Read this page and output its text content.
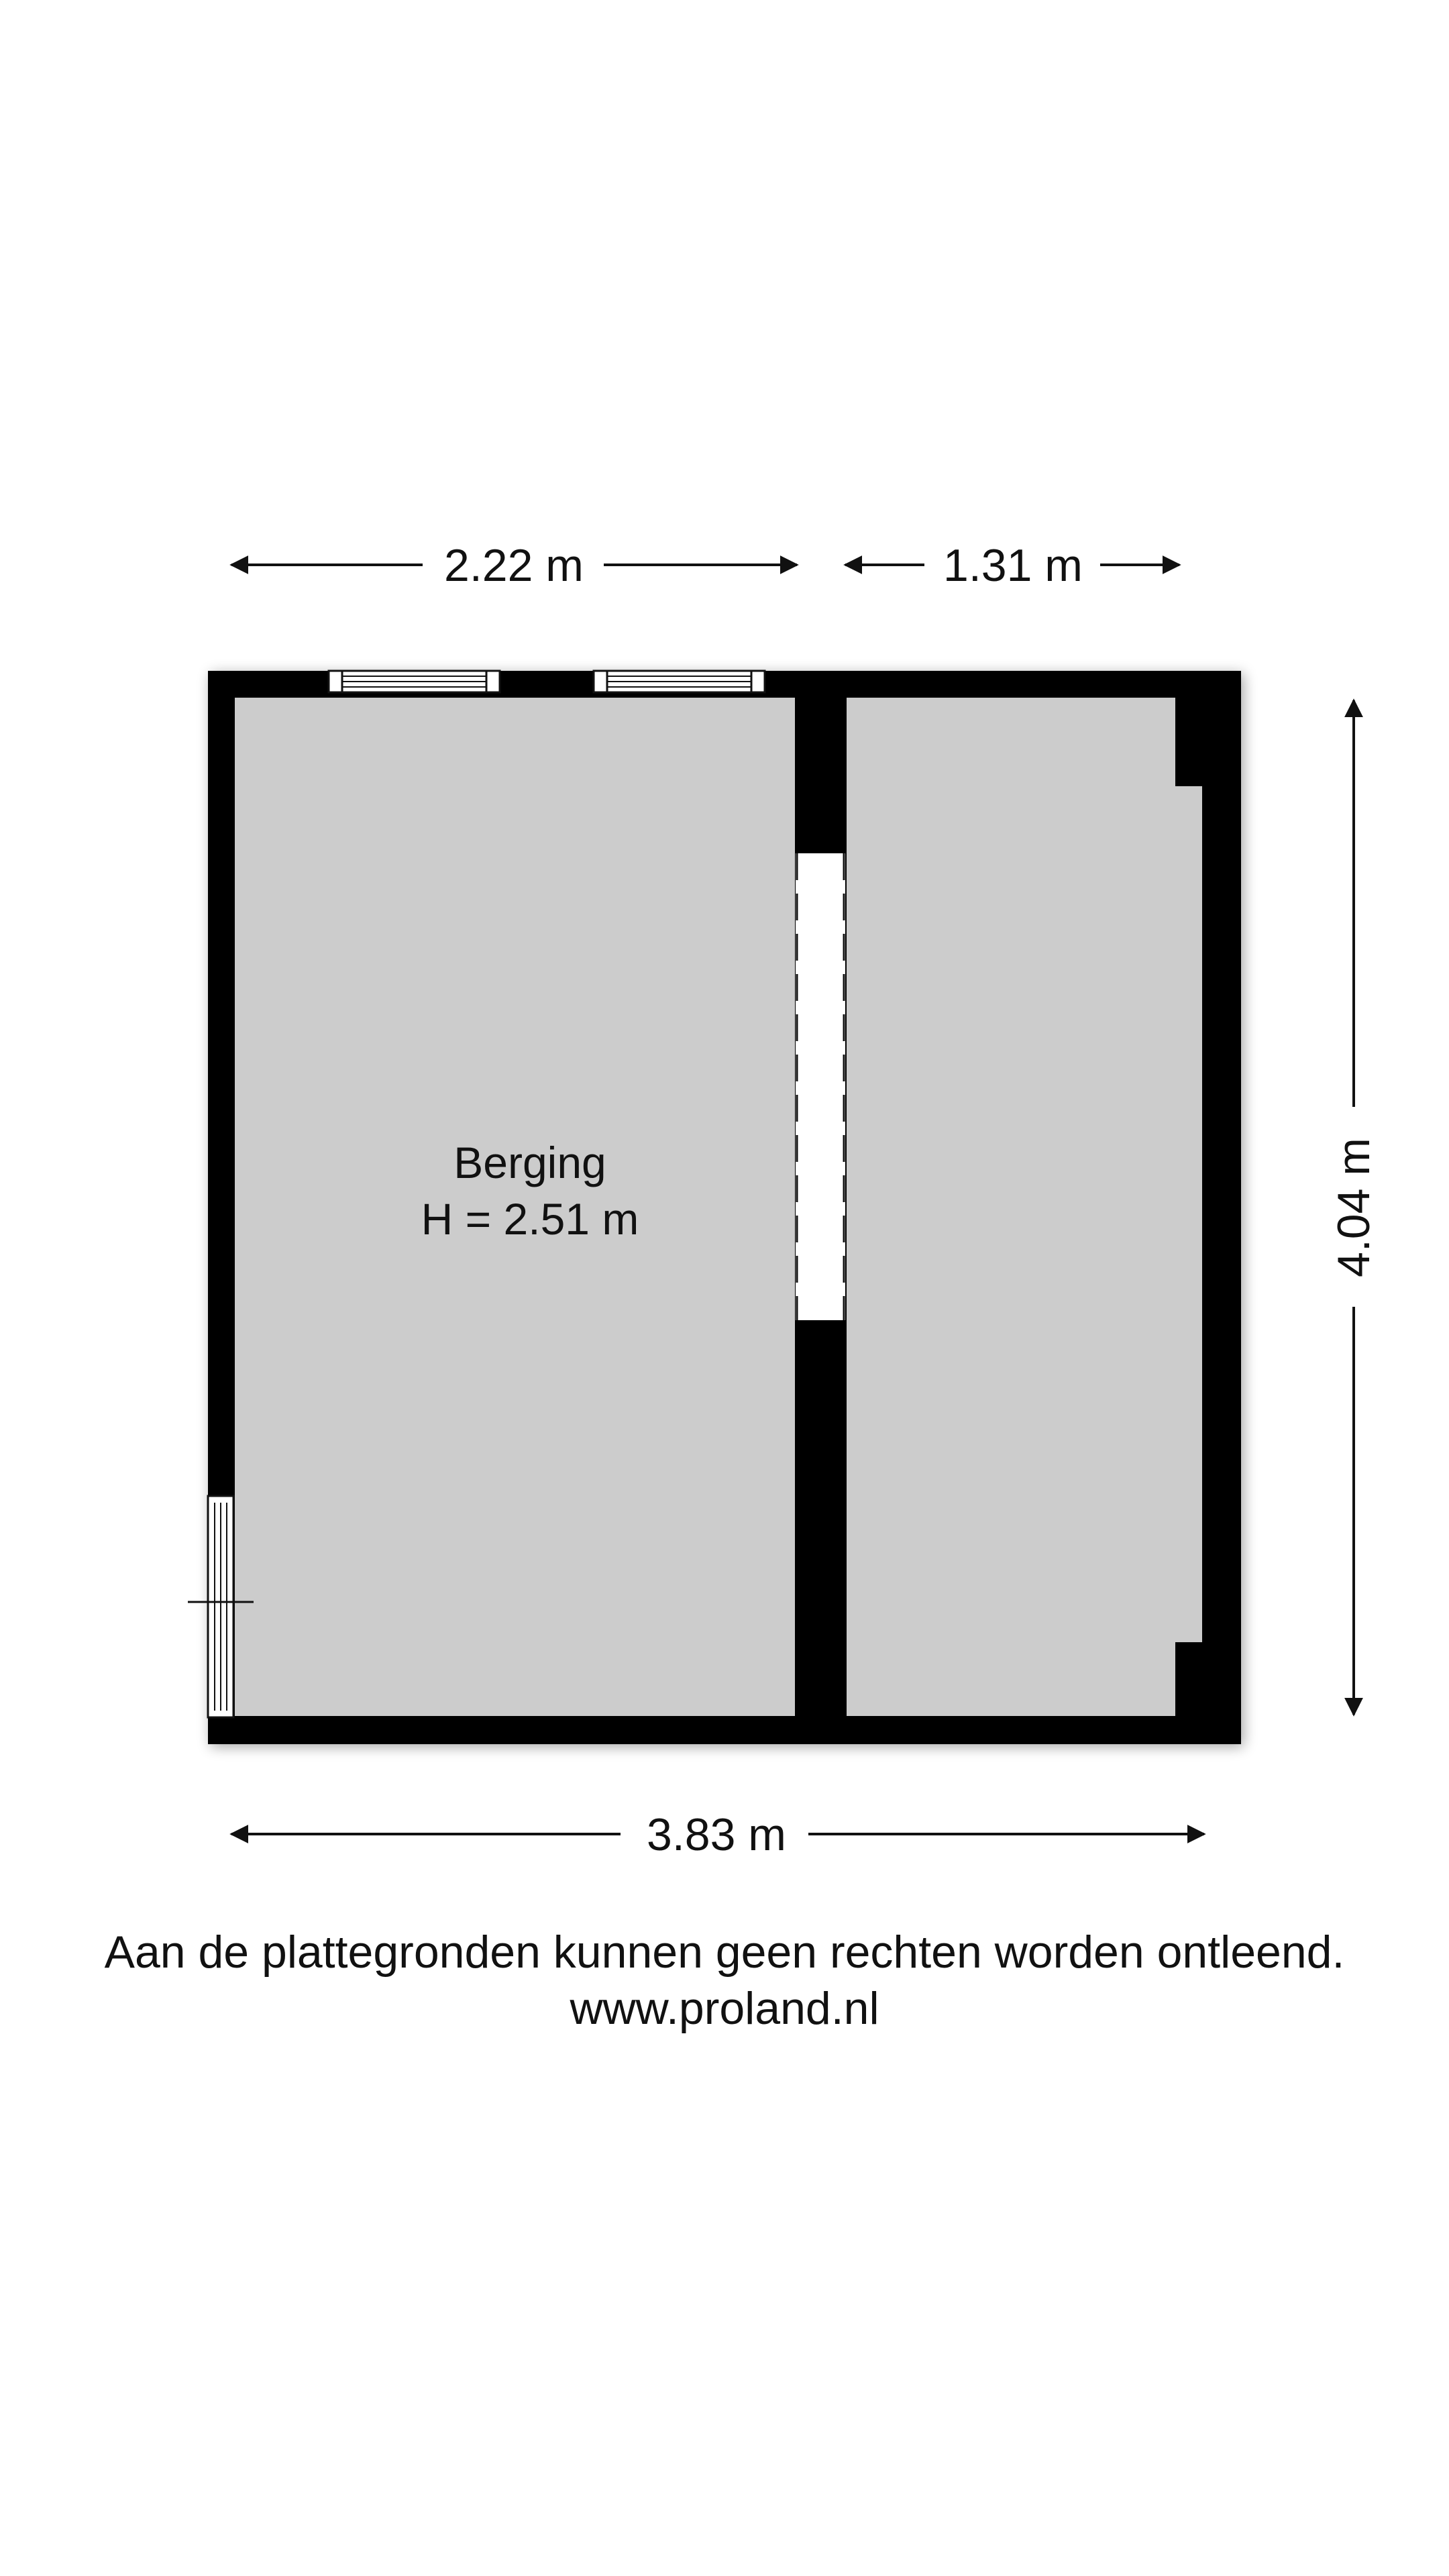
2.22 m	1.31 m
Berging
H = 2.51 m	4.04 m
3.83 m
Aan de plattegronden kunnen geen rechten worden ontleend.
www.proland.nl
